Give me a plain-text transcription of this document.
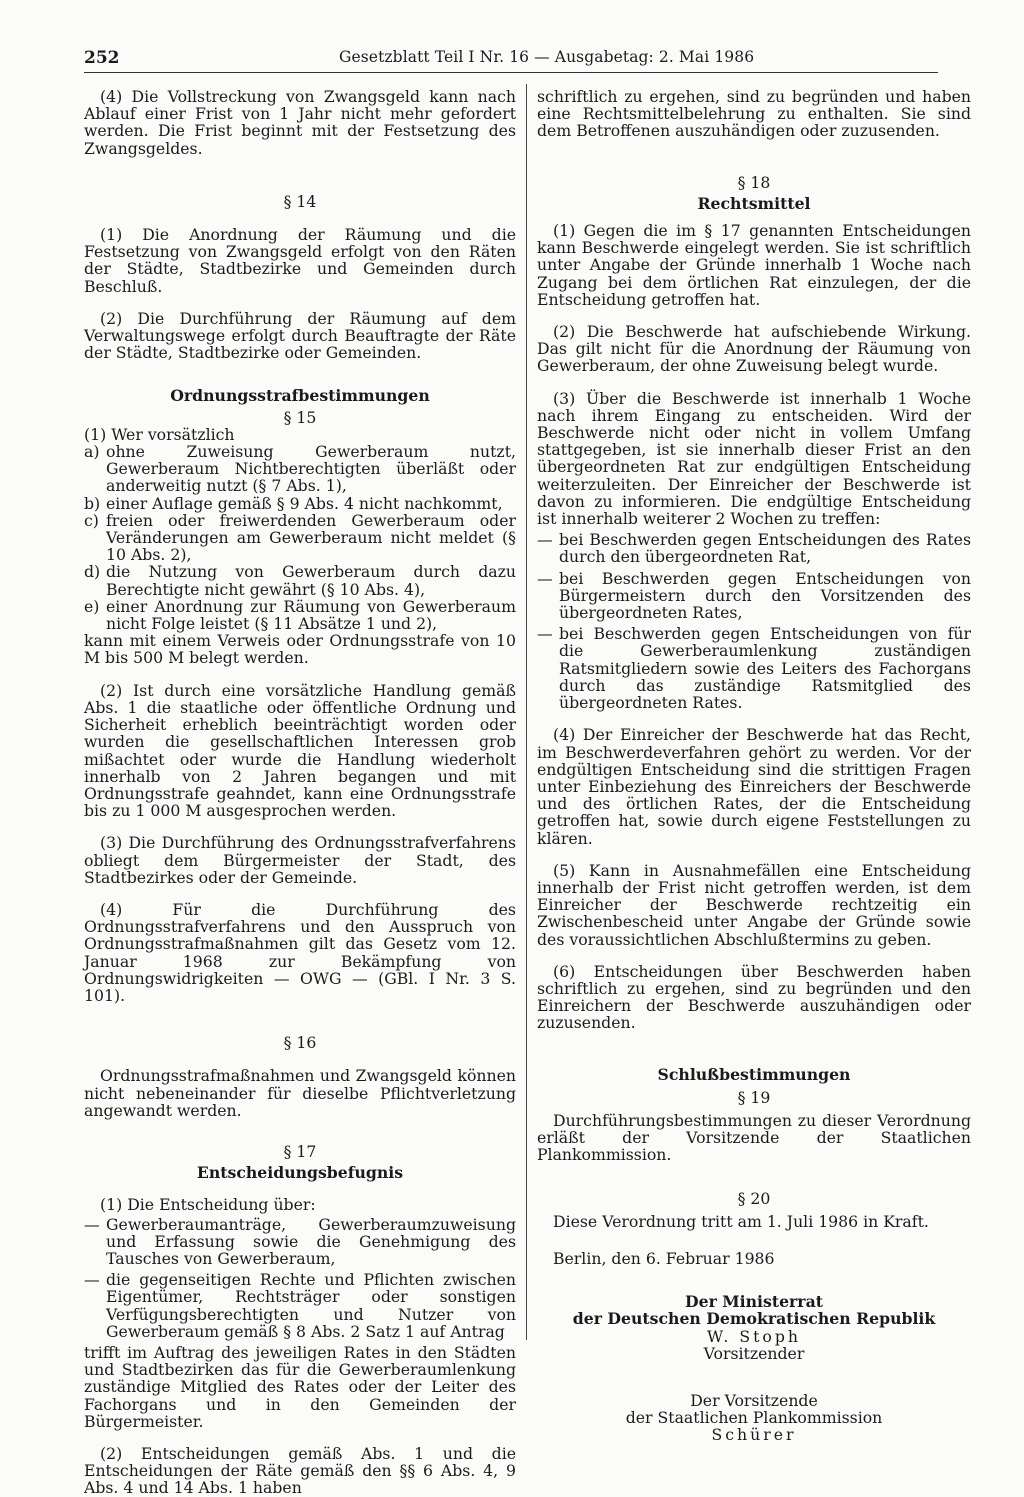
252	Gesetzblatt Teil I Nr. 16 — Ausgabetag: 2. Mai 1986

(4) Die Vollstreckung von Zwangsgeld kann nach Ablauf einer Frist von 1 Jahr nicht mehr gefordert werden. Die Frist beginnt mit der Festsetzung des Zwangsgeldes.

§ 14

(1) Die Anordnung der Räumung und die Festsetzung von Zwangsgeld erfolgt von den Räten der Städte, Stadtbezirke und Gemeinden durch Beschluß.

(2) Die Durchführung der Räumung auf dem Verwaltungswege erfolgt durch Beauftragte der Räte der Städte, Stadtbezirke oder Gemeinden.

Ordnungsstrafbestimmungen
§ 15

(1) Wer vorsätzlich

a) ohne Zuweisung Gewerberaum nutzt, Gewerberaum Nichtberechtigten überläßt oder anderweitig nutzt (§ 7 Abs. 1),
b) einer Auflage gemäß § 9 Abs. 4 nicht nachkommt,
c) freien oder freiwerdenden Gewerberaum oder Veränderungen am Gewerberaum nicht meldet (§ 10 Abs. 2),
d) die Nutzung von Gewerberaum durch dazu Berechtigte nicht gewährt (§ 10 Abs. 4),
e) einer Anordnung zur Räumung von Gewerberaum nicht Folge leistet (§ 11 Absätze 1 und 2),

kann mit einem Verweis oder Ordnungsstrafe von 10 M bis 500 M belegt werden.

(2) Ist durch eine vorsätzliche Handlung gemäß Abs. 1 die staatliche oder öffentliche Ordnung und Sicherheit erheblich beeinträchtigt worden oder wurden die gesellschaftlichen Interessen grob mißachtet oder wurde die Handlung wiederholt innerhalb von 2 Jahren begangen und mit Ordnungsstrafe geahndet, kann eine Ordnungsstrafe bis zu 1 000 M ausgesprochen werden.

(3) Die Durchführung des Ordnungsstrafverfahrens obliegt dem Bürgermeister der Stadt, des Stadtbezirkes oder der Gemeinde.

(4) Für die Durchführung des Ordnungsstrafverfahrens und den Ausspruch von Ordnungsstrafmaßnahmen gilt das Gesetz vom 12. Januar 1968 zur Bekämpfung von Ordnungswidrigkeiten — OWG — (GBl. I Nr. 3 S. 101).

§ 16

Ordnungsstrafmaßnahmen und Zwangsgeld können nicht nebeneinander für dieselbe Pflichtverletzung angewandt werden.

§ 17
Entscheidungsbefugnis

(1) Die Entscheidung über:

— Gewerberaumanträge, Gewerberaumzuweisung und Erfassung sowie die Genehmigung des Tausches von Gewerberaum,
— die gegenseitigen Rechte und Pflichten zwischen Eigentümer, Rechtsträger oder sonstigen Verfügungsberechtigten und Nutzer von Gewerberaum gemäß § 8 Abs. 2 Satz 1 auf Antrag

trifft im Auftrag des jeweiligen Rates in den Städten und Stadtbezirken das für die Gewerberaumlenkung zuständige Mitglied des Rates oder der Leiter des Fachorgans und in den Gemeinden der Bürgermeister.

(2) Entscheidungen gemäß Abs. 1 und die Entscheidungen der Räte gemäß den §§ 6 Abs. 4, 9 Abs. 4 und 14 Abs. 1 haben

schriftlich zu ergehen, sind zu begründen und haben eine Rechtsmittelbelehrung zu enthalten. Sie sind dem Betroffenen auszuhändigen oder zuzusenden.

§ 18
Rechtsmittel

(1) Gegen die im § 17 genannten Entscheidungen kann Beschwerde eingelegt werden. Sie ist schriftlich unter Angabe der Gründe innerhalb 1 Woche nach Zugang bei dem örtlichen Rat einzulegen, der die Entscheidung getroffen hat.

(2) Die Beschwerde hat aufschiebende Wirkung. Das gilt nicht für die Anordnung der Räumung von Gewerberaum, der ohne Zuweisung belegt wurde.

(3) Über die Beschwerde ist innerhalb 1 Woche nach ihrem Eingang zu entscheiden. Wird der Beschwerde nicht oder nicht in vollem Umfang stattgegeben, ist sie innerhalb dieser Frist an den übergeordneten Rat zur endgültigen Entscheidung weiterzuleiten. Der Einreicher der Beschwerde ist davon zu informieren. Die endgültige Entscheidung ist innerhalb weiterer 2 Wochen zu treffen:

— bei Beschwerden gegen Entscheidungen des Rates durch den übergeordneten Rat,
— bei Beschwerden gegen Entscheidungen von Bürgermeistern durch den Vorsitzenden des übergeordneten Rates,
— bei Beschwerden gegen Entscheidungen von für die Gewerberaumlenkung zuständigen Ratsmitgliedern sowie des Leiters des Fachorgans durch das zuständige Ratsmitglied des übergeordneten Rates.

(4) Der Einreicher der Beschwerde hat das Recht, im Beschwerdeverfahren gehört zu werden. Vor der endgültigen Entscheidung sind die strittigen Fragen unter Einbeziehung des Einreichers der Beschwerde und des örtlichen Rates, der die Entscheidung getroffen hat, sowie durch eigene Feststellungen zu klären.

(5) Kann in Ausnahmefällen eine Entscheidung innerhalb der Frist nicht getroffen werden, ist dem Einreicher der Beschwerde rechtzeitig ein Zwischenbescheid unter Angabe der Gründe sowie des voraussichtlichen Abschlußtermins zu geben.

(6) Entscheidungen über Beschwerden haben schriftlich zu ergehen, sind zu begründen und den Einreichern der Beschwerde auszuhändigen oder zuzusenden.

Schlußbestimmungen
§ 19

Durchführungsbestimmungen zu dieser Verordnung erläßt der Vorsitzende der Staatlichen Plankommission.

§ 20

Diese Verordnung tritt am 1. Juli 1986 in Kraft.

Berlin, den 6. Februar 1986

Der Ministerrat

der Deutschen Demokratischen Republik

W. Stoph

Vorsitzender

Der Vorsitzende

der Staatlichen Plankommission

Schürer
